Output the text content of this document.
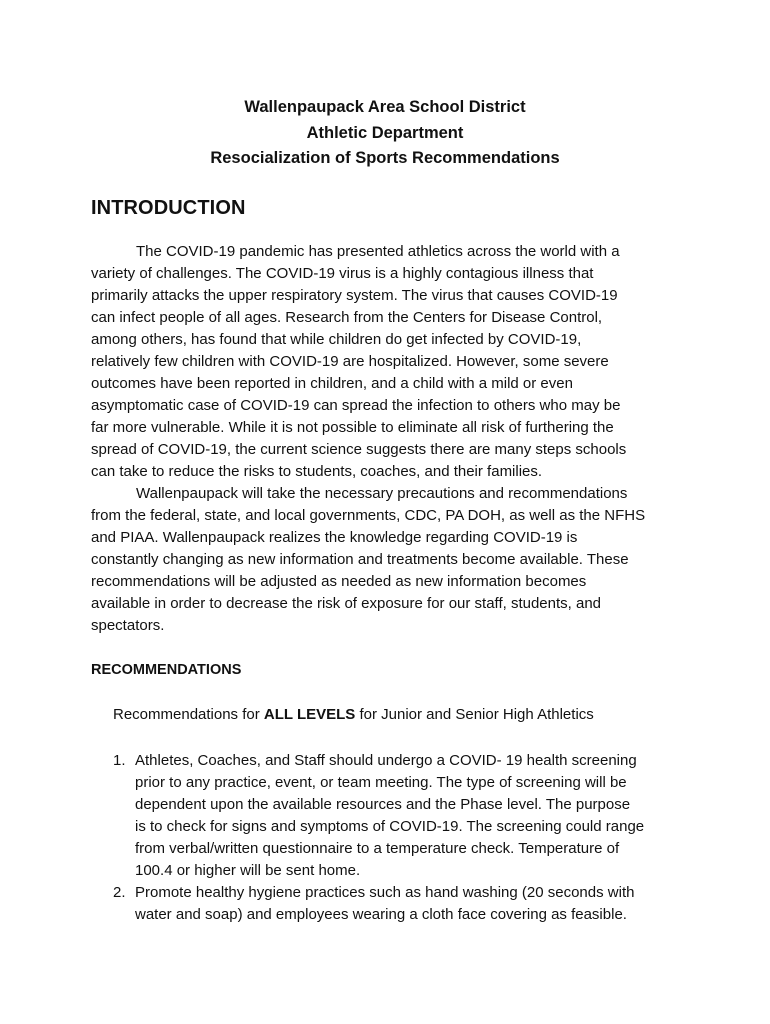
Wallenpaupack Area School District
Athletic Department
Resocialization of Sports Recommendations
INTRODUCTION
The COVID-19 pandemic has presented athletics across the world with a
variety of challenges. The COVID-19 virus is a highly contagious illness that
primarily attacks the upper respiratory system. The virus that causes COVID-19
can infect people of all ages. Research from the Centers for Disease Control,
among others, has found that while children do get infected by COVID-19,
relatively few children with COVID-19 are hospitalized. However, some severe
outcomes have been reported in children, and a child with a mild or even
asymptomatic case of COVID-19 can spread the infection to others who may be
far more vulnerable. While it is not possible to eliminate all risk of furthering the
spread of COVID-19, the current science suggests there are many steps schools
can take to reduce the risks to students, coaches, and their families.
Wallenpaupack will take the necessary precautions and recommendations
from the federal, state, and local governments, CDC, PA DOH, as well as the NFHS
and PIAA. Wallenpaupack realizes the knowledge regarding COVID-19 is
constantly changing as new information and treatments become available. These
recommendations will be adjusted as needed as new information becomes
available in order to decrease the risk of exposure for our staff, students, and
spectators.
RECOMMENDATIONS
Recommendations for ALL LEVELS for Junior and Senior High Athletics
1. Athletes, Coaches, and Staff should undergo a COVID- 19 health screening
prior to any practice, event, or team meeting. The type of screening will be
dependent upon the available resources and the Phase level. The purpose
is to check for signs and symptoms of COVID-19. The screening could range
from verbal/written questionnaire to a temperature check. Temperature of
100.4 or higher will be sent home.
2. Promote healthy hygiene practices such as hand washing (20 seconds with
water and soap) and employees wearing a cloth face covering as feasible.
